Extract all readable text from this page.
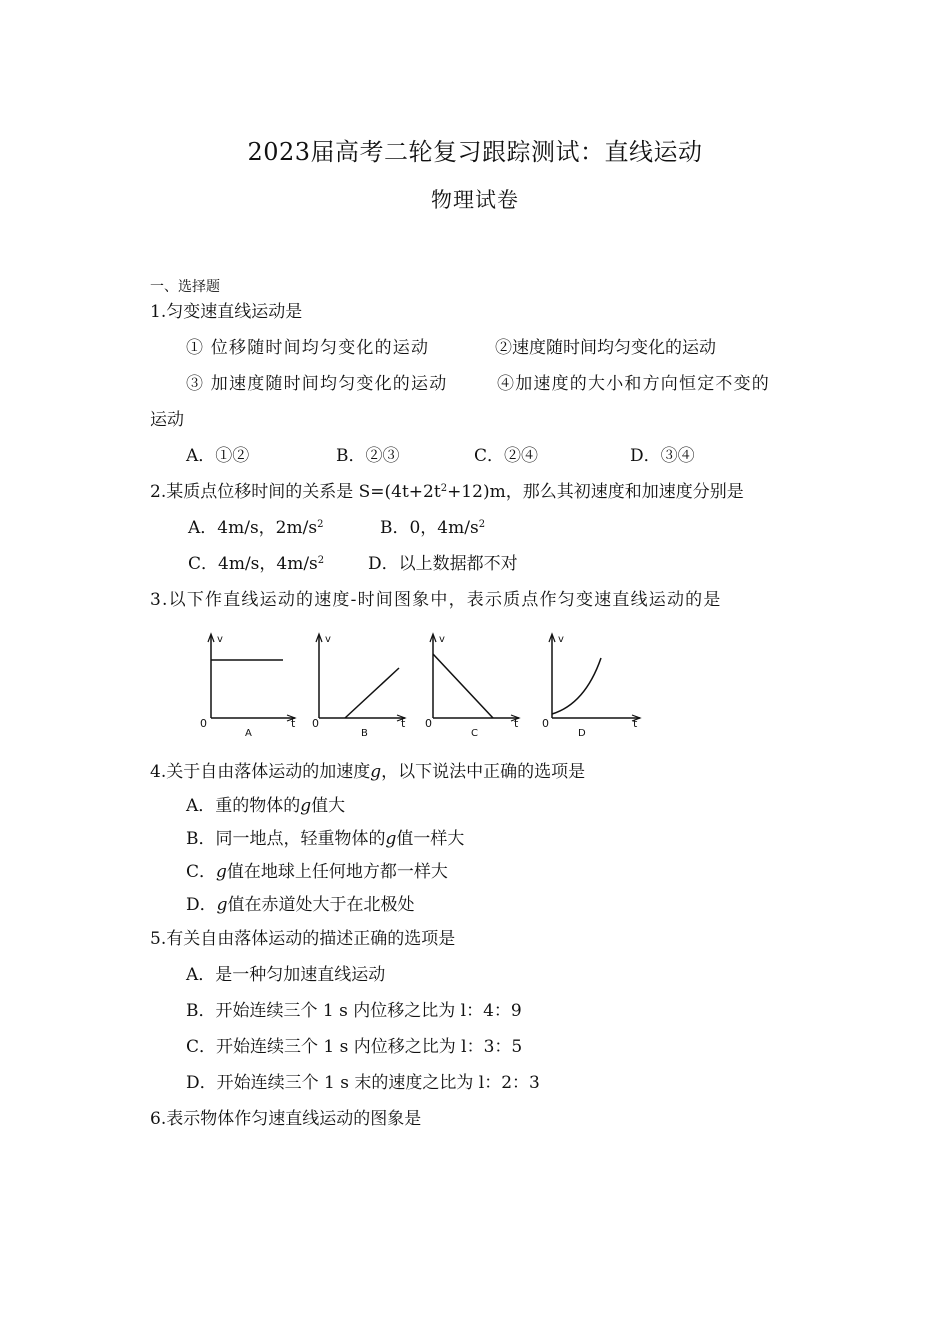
2023届高考二轮复习跟踪测试：直线运动
物理试卷
一、选择题
1.匀变速直线运动是
① 位移随时间均匀变化的运动	②速度随时间均匀变化的运动
③ 加速度随时间均匀变化的运动	④加速度的大小和方向恒定不变的
运动
A．①②	B．②③	C．②④	D．③④
2.某质点位移时间的关系是 $S=(4t+2t^2+12)m$，那么其初速度和加速度分别是
A．4m/s，$2m/s^2$	B．0，$4m/s^2$
C．4m/s，$4m/s^2$	D．以上数据都不对
3.以下作直线运动的速度-时间图象中，表示质点作匀变速直线运动的是
v
0	t
A
v
0	t
B
v
0	t
C
v
0	t
D
4.关于自由落体运动的加速度g，以下说法中正确的选项是
A．重的物体的g值大
B．同一地点，轻重物体的g值一样大
C．g值在地球上任何地方都一样大
D．g值在赤道处大于在北极处
5.有关自由落体运动的描述正确的选项是
A．是一种匀加速直线运动
B．开始连续三个 1 s 内位移之比为 l：4：9
C．开始连续三个 1 s 内位移之比为 l：3：5
D．开始连续三个 1 s 末的速度之比为 l：2：3
6.表示物体作匀速直线运动的图象是
